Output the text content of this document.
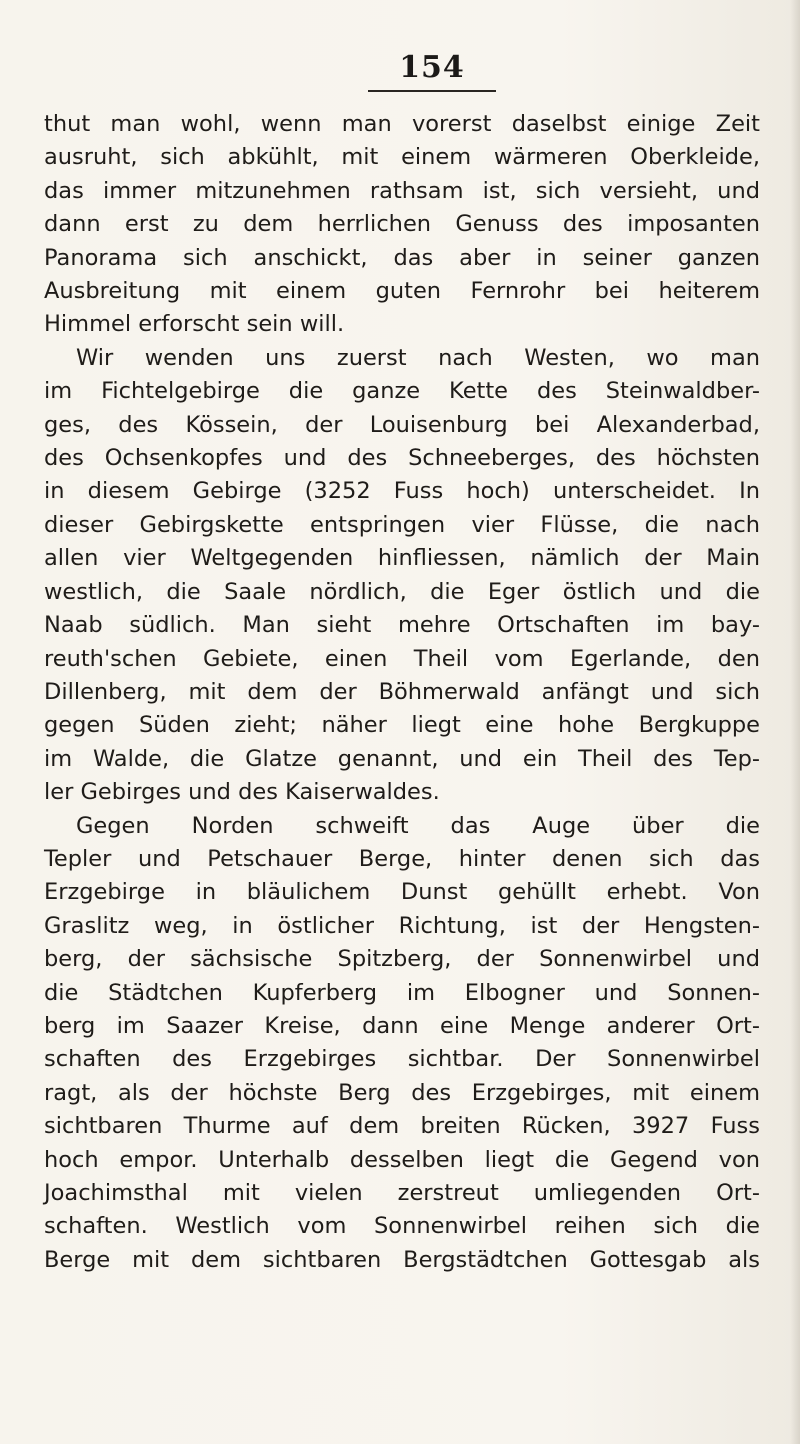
154
thut man wohl, wenn man vorerst daselbst einige Zeit
ausruht, sich abkühlt, mit einem wärmeren Oberkleide,
das immer mitzunehmen rathsam ist, sich versieht, und
dann erst zu dem herrlichen Genuss des imposanten
Panorama sich anschickt, das aber in seiner ganzen
Ausbreitung mit einem guten Fernrohr bei heiterem
Himmel erforscht sein will.
Wir wenden uns zuerst nach Westen, wo man
im Fichtelgebirge die ganze Kette des Steinwaldber-
ges, des Kössein, der Louisenburg bei Alexanderbad,
des Ochsenkopfes und des Schneeberges, des höchsten
in diesem Gebirge (3252 Fuss hoch) unterscheidet. In
dieser Gebirgskette entspringen vier Flüsse, die nach
allen vier Weltgegenden hinfliessen, nämlich der Main
westlich, die Saale nördlich, die Eger östlich und die
Naab südlich. Man sieht mehre Ortschaften im bay-
reuth'schen Gebiete, einen Theil vom Egerlande, den
Dillenberg, mit dem der Böhmerwald anfängt und sich
gegen Süden zieht; näher liegt eine hohe Bergkuppe
im Walde, die Glatze genannt, und ein Theil des Tep-
ler Gebirges und des Kaiserwaldes.
Gegen Norden schweift das Auge über die
Tepler und Petschauer Berge, hinter denen sich das
Erzgebirge in bläulichem Dunst gehüllt erhebt. Von
Graslitz weg, in östlicher Richtung, ist der Hengsten-
berg, der sächsische Spitzberg, der Sonnenwirbel und
die Städtchen Kupferberg im Elbogner und Sonnen-
berg im Saazer Kreise, dann eine Menge anderer Ort-
schaften des Erzgebirges sichtbar. Der Sonnenwirbel
ragt, als der höchste Berg des Erzgebirges, mit einem
sichtbaren Thurme auf dem breiten Rücken, 3927 Fuss
hoch empor. Unterhalb desselben liegt die Gegend von
Joachimsthal mit vielen zerstreut umliegenden Ort-
schaften. Westlich vom Sonnenwirbel reihen sich die
Berge mit dem sichtbaren Bergstädtchen Gottesgab als
